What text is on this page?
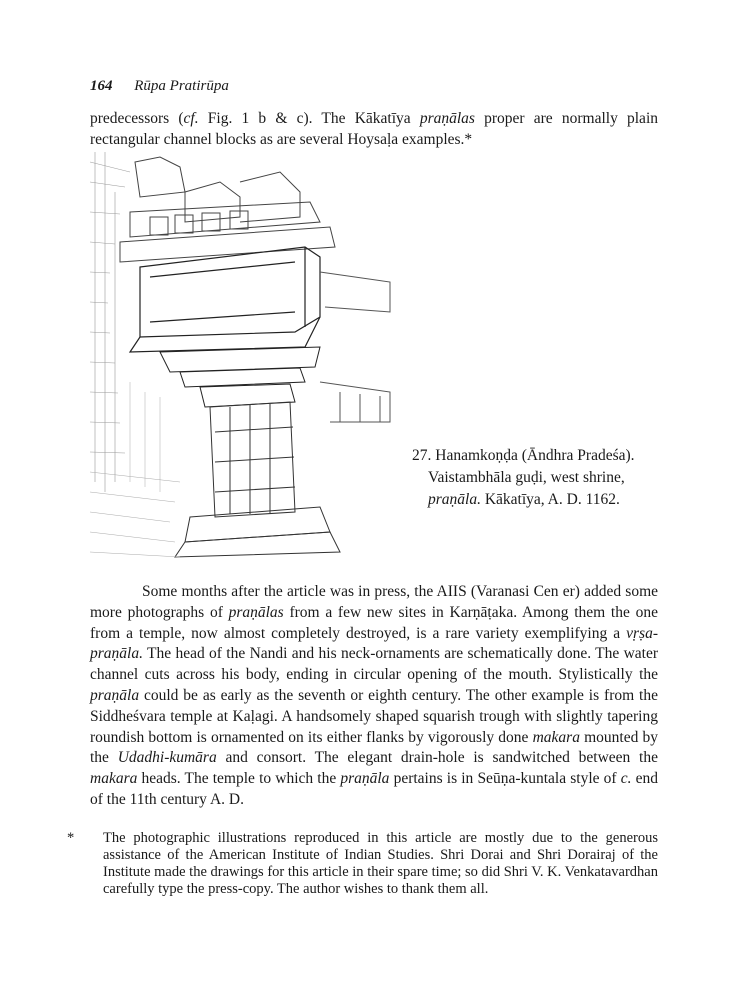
164 Rūpa Pratirūpa
predecessors (cf. Fig. 1 b & c). The Kākatīya praṇālas proper are normally plain rectangular channel blocks as are several Hoysaḷa examples.*
27. Hanamkoṇḍa (Āndhra Pradeśa).
Vaistambhāla guḍi, west shrine,
praṇāla. Kākatīya, A. D. 1162.

Some months after the article was in press, the AIIS (Varanasi Cen er) added some more photographs of praṇālas from a few new sites in Karṇāṭaka. Among them the one from a temple, now almost completely destroyed, is a rare variety exemplifying a vṛṣa-praṇāla. The head of the Nandi and his neck-ornaments are schematically done. The water channel cuts across his body, ending in circular opening of the mouth. Stylistically the praṇāla could be as early as the seventh or eighth century. The other example is from the Siddheśvara temple at Kaḷagi. A handsomely shaped squarish trough with slightly tapering roundish bottom is ornamented on its either flanks by vigorously done makara mounted by the Udadhi-kumāra and consort. The elegant drain-hole is sandwitched between the makara heads. The temple to which the praṇāla pertains is in Seūṇa-kuntala style of c. end of the 11th century A. D.

* The photographic illustrations reproduced in this article are mostly due to the generous assistance of the American Institute of Indian Studies. Shri Dorai and Shri Dorairaj of the Institute made the drawings for this article in their spare time; so did Shri V. K. Venkatavardhan carefully type the press-copy. The author wishes to thank them all.
